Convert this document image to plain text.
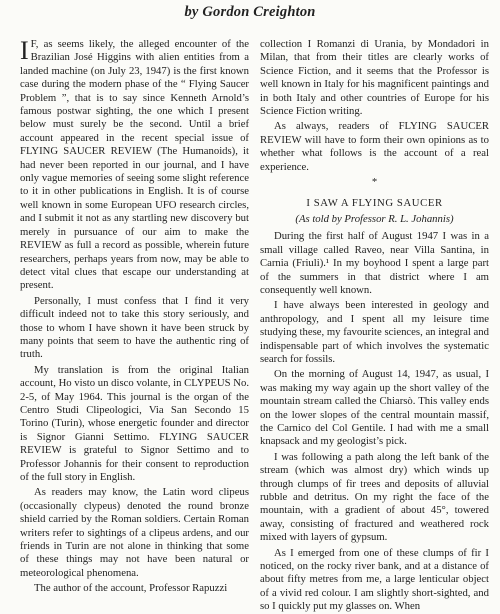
by Gordon Creighton

I F, as seems likely, the alleged encounter of the Brazilian José Higgins with alien entities from a landed machine (on July 23, 1947) is the first known case during the modern phase of the “ Flying Saucer Problem ”, that is to say since Kenneth Arnold’s famous postwar sighting, the one which I present below must surely be the second. Until a brief account appeared in the recent special issue of FLYING SAUCER REVIEW (The Humanoids), it had never been reported in our journal, and I have only vague memories of seeing some slight reference to it in other publications in English. It is of course well known in some European UFO research circles, and I submit it not as any startling new discovery but merely in pursuance of our aim to make the REVIEW as full a record as possible, wherein future researchers, perhaps years from now, may be able to detect vital clues that escape our understanding at present.

Personally, I must confess that I find it very difficult indeed not to take this story seriously, and those to whom I have shown it have been struck by many points that seem to have the authentic ring of truth.

My translation is from the original Italian account, Ho visto un disco volante, in CLYPEUS No. 2-5, of May 1964. This journal is the organ of the Centro Studi Clipeologici, Via San Secondo 15 Torino (Turin), whose energetic founder and director is Signor Gianni Settimo. FLYING SAUCER REVIEW is grateful to Signor Settimo and to Professor Johannis for their consent to reproduction of the full story in English.

As readers may know, the Latin word clipeus (occasionally clypeus) denoted the round bronze shield carried by the Roman soldiers. Certain Roman writers refer to sightings of a clipeus ardens, and our friends in Turin are not alone in thinking that some of these things may not have been natural or meteorological phenomena.

The author of the account, Professor Rapuzzi

collection I Romanzi di Urania, by Mondadori in Milan, that from their titles are clearly works of Science Fiction, and it seems that the Professor is well known in Italy for his magnificent paintings and in both Italy and other countries of Europe for his Science Fiction writing.

As always, readers of FLYING SAUCER REVIEW will have to form their own opinions as to whether what follows is the account of a real experience.

*

I SAW A FLYING SAUCER

(As told by Professor R. L. Johannis)

During the first half of August 1947 I was in a small village called Raveo, near Villa Santina, in Carnia (Friuli).¹ In my boyhood I spent a large part of the summers in that district where I am consequently well known.

I have always been interested in geology and anthropology, and I spent all my leisure time studying these, my favourite sciences, an integral and indispensable part of which involves the systematic search for fossils.

On the morning of August 14, 1947, as usual, I was making my way again up the short valley of the mountain stream called the Chiarsò. This valley ends on the lower slopes of the central mountain massif, the Carnico del Col Gentile. I had with me a small knapsack and my geologist’s pick.

I was following a path along the left bank of the stream (which was almost dry) which winds up through clumps of fir trees and deposits of alluvial rubble and detritus. On my right the face of the mountain, with a gradient of about 45°, towered away, consisting of fractured and weathered rock mixed with layers of gypsum.

As I emerged from one of these clumps of fir I noticed, on the rocky river bank, and at a distance of about fifty metres from me, a large lenticular object of a vivid red colour. I am slightly short-sighted, and so I quickly put my glasses on. When
